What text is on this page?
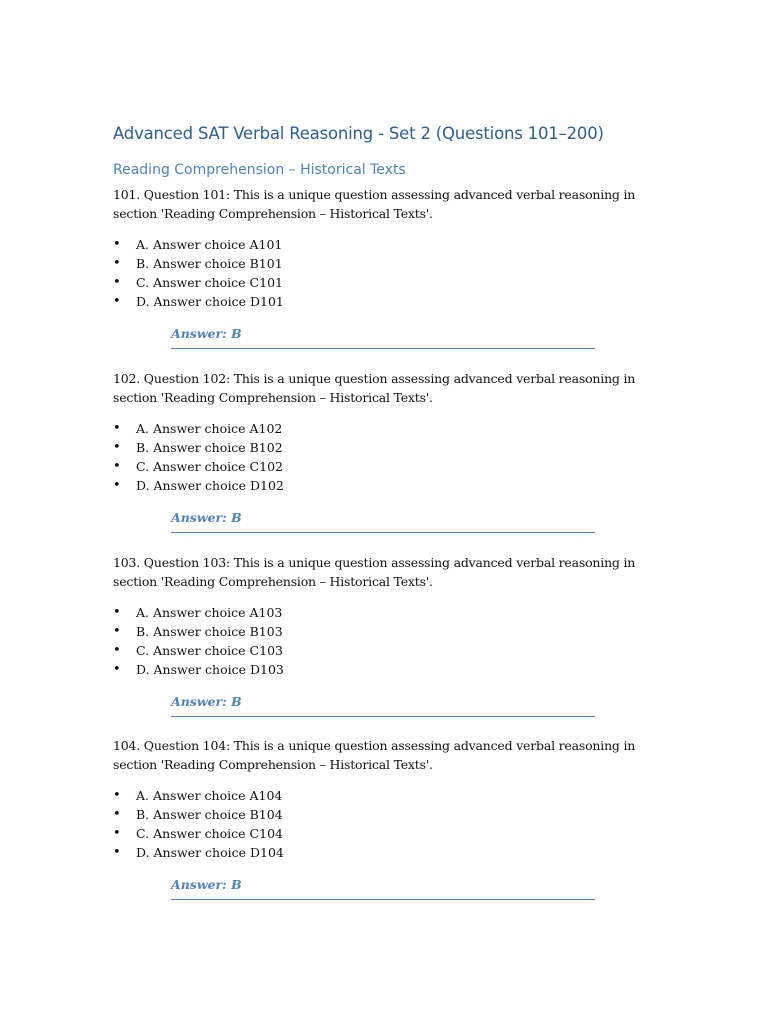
Advanced SAT Verbal Reasoning - Set 2 (Questions 101–200)
Reading Comprehension – Historical Texts

101. Question 101: This is a unique question assessing advanced verbal reasoning in section 'Reading Comprehension – Historical Texts'.

• A. Answer choice A101
• B. Answer choice B101
• C. Answer choice C101
• D. Answer choice D101
Answer: B

102. Question 102: This is a unique question assessing advanced verbal reasoning in section 'Reading Comprehension – Historical Texts'.

• A. Answer choice A102
• B. Answer choice B102
• C. Answer choice C102
• D. Answer choice D102
Answer: B

103. Question 103: This is a unique question assessing advanced verbal reasoning in section 'Reading Comprehension – Historical Texts'.

• A. Answer choice A103
• B. Answer choice B103
• C. Answer choice C103
• D. Answer choice D103
Answer: B

104. Question 104: This is a unique question assessing advanced verbal reasoning in section 'Reading Comprehension – Historical Texts'.

• A. Answer choice A104
• B. Answer choice B104
• C. Answer choice C104
• D. Answer choice D104
Answer: B
